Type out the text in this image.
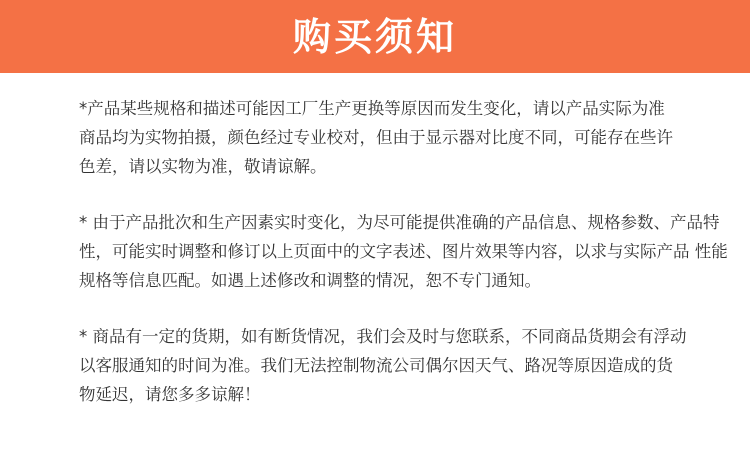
购买须知
*产品某些规格和描述可能因工厂生产更换等原因而发生变化，请以产品实际为准
商品均为实物拍摄，颜色经过专业校对，但由于显示器对比度不同，可能存在些许
色差，请以实物为准，敬请谅解。
* 由于产品批次和生产因素实时变化，为尽可能提供准确的产品信息、规格参数、产品特
性，可能实时调整和修订以上页面中的文字表述、图片效果等内容，以求与实际产品 性能
规格等信息匹配。如遇上述修改和调整的情况，恕不专门通知。
* 商品有一定的货期，如有断货情况，我们会及时与您联系，不同商品货期会有浮动
以客服通知的时间为准。我们无法控制物流公司偶尔因天气、路况等原因造成的货
物延迟，请您多多谅解！
